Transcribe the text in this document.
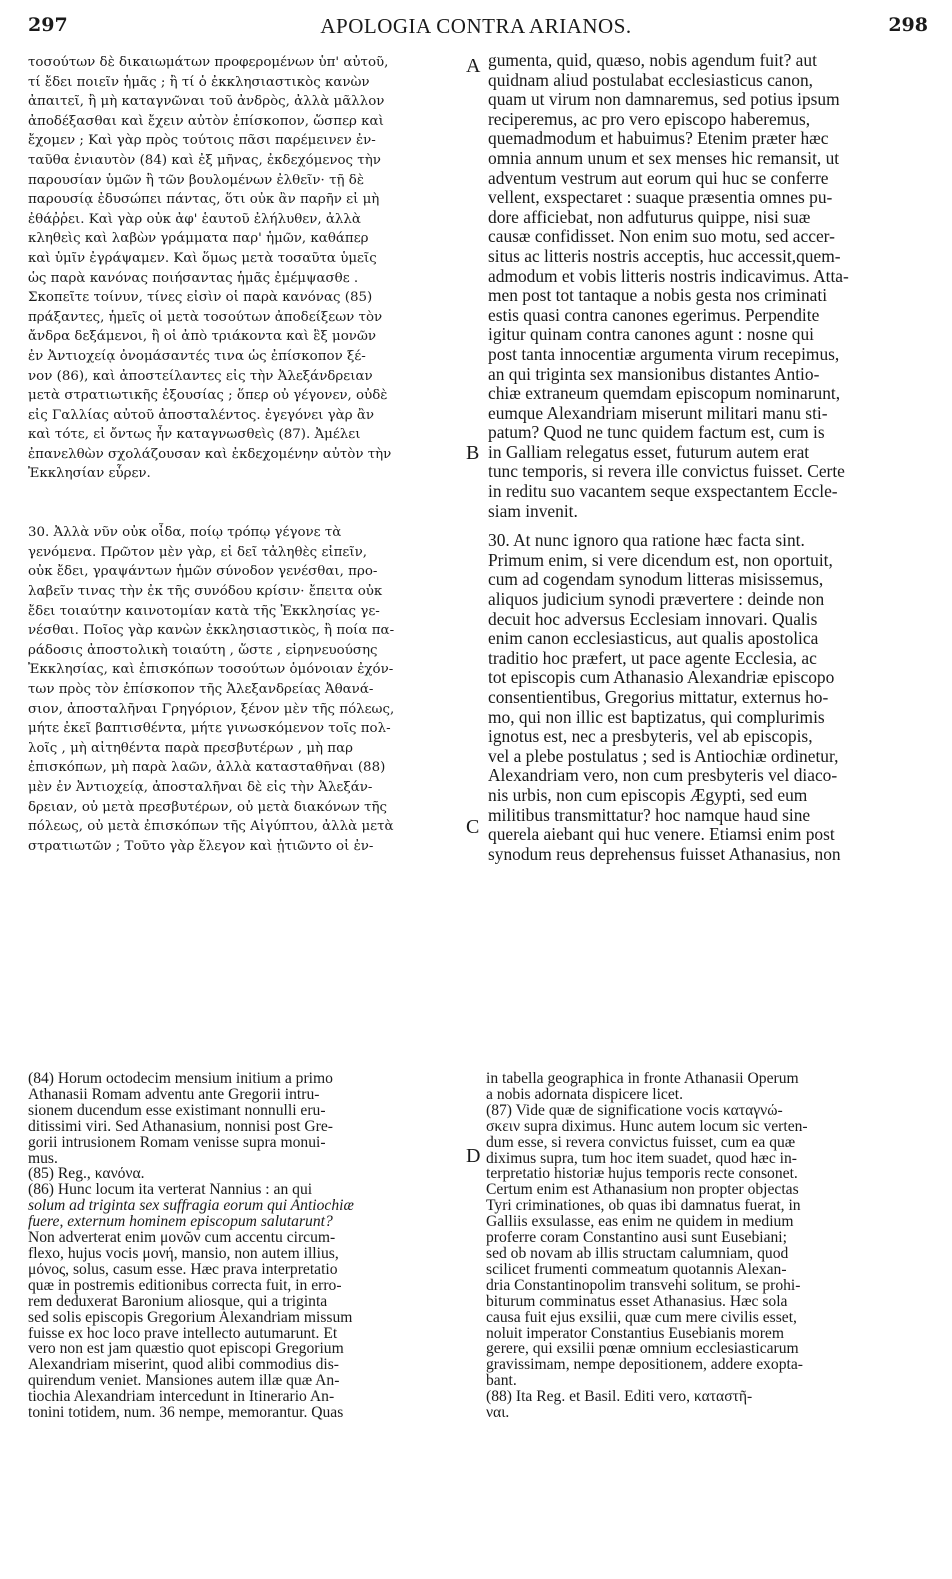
297	APOLOGIA CONTRA ARIANOS.	298
τοσούτων δὲ δικαιωμάτων προφερομένων ὑπ' αὐτοῦ,
τί ἔδει ποιεῖν ἡμᾶς ; ἢ τί ὁ ἐκκλησιαστικὸς κανὼν
ἀπαιτεῖ, ἢ μὴ καταγνῶναι τοῦ ἀνδρὸς, ἀλλὰ μᾶλλον
ἀποδέξασθαι καὶ ἔχειν αὐτὸν ἐπίσκοπον, ὥσπερ καὶ
ἔχομεν ; Καὶ γὰρ πρὸς τούτοις πᾶσι παρέμεινεν ἐν-
ταῦθα ἐνιαυτὸν (84) καὶ ἐξ μῆνας, ἐκδεχόμενος τὴν
παρουσίαν ὑμῶν ἢ τῶν βουλομένων ἐλθεῖν· τῇ δὲ
παρουσίᾳ ἐδυσώπει πάντας, ὅτι οὐκ ἂν παρῆν εἰ μὴ
ἐθάῤῥει. Καὶ γὰρ οὐκ ἀφ' ἑαυτοῦ ἐλήλυθεν, ἀλλὰ
κληθεὶς καὶ λαβὼν γράμματα παρ' ἡμῶν, καθάπερ
καὶ ὑμῖν ἐγράψαμεν. Καὶ ὅμως μετὰ τοσαῦτα ὑμεῖς
ὡς παρὰ κανόνας ποιήσαντας ἡμᾶς ἐμέμψασθε .
Σκοπεῖτε τοίνυν, τίνες εἰσὶν οἱ παρὰ κανόνας (85)
πράξαντες, ἡμεῖς οἱ μετὰ τοσούτων ἀποδείξεων τὸν
ἄνδρα δεξάμενοι, ἢ οἱ ἀπὸ τριάκοντα καὶ ἓξ μονῶν
ἐν Ἀντιοχείᾳ ὀνομάσαντές τινα ὡς ἐπίσκοπον ξέ-
νον (86), καὶ ἀποστείλαντες εἰς τὴν Ἀλεξάνδρειαν
μετὰ στρατιωτικῆς ἐξουσίας ; ὅπερ οὐ γέγονεν, οὐδὲ
εἰς Γαλλίας αὐτοῦ ἀποσταλέντος. ἐγεγόνει γὰρ ἂν
καὶ τότε, εἰ ὄντως ἦν καταγνωσθεὶς (87). Ἀμέλει
ἐπανελθὼν σχολάζουσαν καὶ ἐκδεχομένην αὐτὸν τὴν
Ἐκκλησίαν εὗρεν.

30. Ἀλλὰ νῦν οὐκ οἶδα, ποίῳ τρόπῳ γέγονε τὰ
γενόμενα. Πρῶτον μὲν γὰρ, εἰ δεῖ τἀληθὲς εἰπεῖν,
οὐκ ἔδει, γραψάντων ἡμῶν σύνοδον γενέσθαι, προ-
λαβεῖν τινας τὴν ἐκ τῆς συνόδου κρίσιν· ἔπειτα οὐκ
ἔδει τοιαύτην καινοτομίαν κατὰ τῆς Ἐκκλησίας γε-
νέσθαι. Ποῖος γὰρ κανὼν ἐκκλησιαστικὸς, ἢ ποία πα-
ράδοσις ἀποστολικὴ τοιαύτη , ὥστε , εἰρηνευούσης
Ἐκκλησίας, καὶ ἐπισκόπων τοσούτων ὁμόνοιαν ἐχόν-
των πρὸς τὸν ἐπίσκοπον τῆς Ἀλεξανδρείας Ἀθανά-
σιον, ἀποσταλῆναι Γρηγόριον, ξένον μὲν τῆς πόλεως,
μήτε ἐκεῖ βαπτισθέντα, μήτε γινωσκόμενον τοῖς πολ-
λοῖς , μὴ αἰτηθέντα παρὰ πρεσβυτέρων , μὴ παρ
ἐπισκόπων, μὴ παρὰ λαῶν, ἀλλὰ κατασταθῆναι (88)
μὲν ἐν Ἀντιοχείᾳ, ἀποσταλῆναι δὲ εἰς τὴν Ἀλεξάν-
δρειαν, οὐ μετὰ πρεσβυτέρων, οὐ μετὰ διακόνων τῆς
πόλεως, οὐ μετὰ ἐπισκόπων τῆς Αἰγύπτου, ἀλλὰ μετὰ
στρατιωτῶν ; Τοῦτο γὰρ ἔλεγον καὶ ᾐτιῶντο οἱ ἐν-
gumenta, quid, quæso, nobis agendum fuit? aut
quidnam aliud postulabat ecclesiasticus canon,
quam ut virum non damnaremus, sed potius ipsum
reciperemus, ac pro vero episcopo haberemus,
quemadmodum et habuimus? Etenim præter hæc
omnia annum unum et sex menses hic remansit, ut
adventum vestrum aut eorum qui huc se conferre
vellent, exspectaret : suaque præsentia omnes pu-
dore afficiebat, non adfuturus quippe, nisi suæ
causæ confidisset. Non enim suo motu, sed accer-
situs ac litteris nostris acceptis, huc accessit,quem-
admodum et vobis litteris nostris indicavimus. Atta-
men post tot tantaque a nobis gesta nos criminati
estis quasi contra canones egerimus. Perpendite
igitur quinam contra canones agunt : nosne qui
post tanta innocentiæ argumenta virum recepimus,
an qui triginta sex mansionibus distantes Antio-
chiæ extraneum quemdam episcopum nominarunt,
eumque Alexandriam miserunt militari manu sti-
patum? Quod ne tunc quidem factum est, cum is
in Galliam relegatus esset, futurum autem erat
tunc temporis, si revera ille convictus fuisset. Certe
in reditu suo vacantem seque exspectantem Eccle-
siam invenit.
30. At nunc ignoro qua ratione hæc facta sint.
Primum enim, si vere dicendum est, non oportuit,
cum ad cogendam synodum litteras misissemus,
aliquos judicium synodi prævertere : deinde non
decuit hoc adversus Ecclesiam innovari. Qualis
enim canon ecclesiasticus, aut qualis apostolica
traditio hoc præfert, ut pace agente Ecclesia, ac
tot episcopis cum Athanasio Alexandriæ episcopo
consentientibus, Gregorius mittatur, externus ho-
mo, qui non illic est baptizatus, qui complurimis
ignotus est, nec a presbyteris, vel ab episcopis,
vel a plebe postulatus ; sed is Antiochiæ ordinetur,
Alexandriam vero, non cum presbyteris vel diaco-
nis urbis, non cum episcopis Ægypti, sed eum
militibus transmittatur? hoc namque haud sine
querela aiebant qui huc venere. Etiamsi enim post
synodum reus deprehensus fuisset Athanasius, non
(84) Horum octodecim mensium initium a primo
Athanasii Romam adventu ante Gregorii intru-
sionem ducendum esse existimant nonnulli eru-
ditissimi viri. Sed Athanasium, nonnisi post Gre-
gorii intrusionem Romam venisse supra monui-
mus.
(85) Reg., κανόνα.
(86) Hunc locum ita verterat Nannius : an qui
solum ad triginta sex suffragia eorum qui Antiochiæ
fuere, externum hominem episcopum salutarunt?
Non adverterat enim μονῶν cum accentu circum-
flexo, hujus vocis μονή, mansio, non autem illius,
μόνος, solus, casum esse. Hæc prava interpretatio
quæ in postremis editionibus correcta fuit, in erro-
rem deduxerat Baronium aliosque, qui a triginta
sed solis episcopis Gregorium Alexandriam missum
fuisse ex hoc loco prave intellecto autumarunt. Et
vero non est jam quæstio quot episcopi Gregorium
Alexandriam miserint, quod alibi commodius dis-
quirendum veniet. Mansiones autem illæ quæ An-
tiochia Alexandriam intercedunt in Itinerario An-
tonini totidem, num. 36 nempe, memorantur. Quas
in tabella geographica in fronte Athanasii Operum
a nobis adornata dispicere licet.
(87) Vide quæ de significatione vocis καταγνώ-
σκειν supra diximus. Hunc autem locum sic verten-
dum esse, si revera convictus fuisset, cum ea quæ
diximus supra, tum hoc item suadet, quod hæc in-
terpretatio historiæ hujus temporis recte consonet.
Certum enim est Athanasium non propter objectas
Tyri criminationes, ob quas ibi damnatus fuerat, in
Galliis exsulasse, eas enim ne quidem in medium
proferre coram Constantino ausi sunt Eusebiani;
sed ob novam ab illis structam calumniam, quod
scilicet frumenti commeatum quotannis Alexan-
dria Constantinopolim transvehi solitum, se prohi-
biturum comminatus esset Athanasius. Hæc sola
causa fuit ejus exsilii, quæ cum mere civilis esset,
noluit imperator Constantius Eusebianis morem
gerere, qui exsilii pœnæ omnium ecclesiasticarum
gravissimam, nempe depositionem, addere exopta-
bant.
(88) Ita Reg. et Basil. Editi vero, καταστῆ-
ναι.
A
B
C
D
